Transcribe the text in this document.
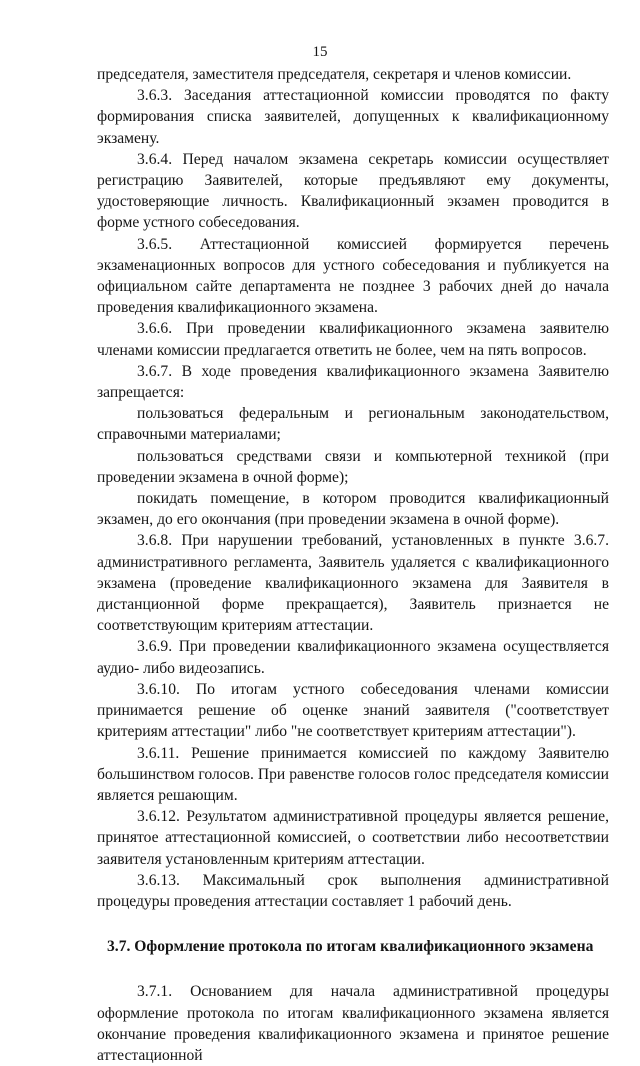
15

председателя, заместителя председателя, секретаря и членов комиссии.

3.6.3. Заседания аттестационной комиссии проводятся по факту формирования списка заявителей, допущенных к квалификационному экзамену.

3.6.4. Перед началом экзамена секретарь комиссии осуществляет регистрацию Заявителей, которые предъявляют ему документы, удостоверяющие личность. Квалификационный экзамен проводится в форме устного собеседования.

3.6.5. Аттестационной комиссией формируется перечень экзаменационных вопросов для устного собеседования и публикуется на официальном сайте департамента не позднее 3 рабочих дней до начала проведения квалификационного экзамена.

3.6.6. При проведении квалификационного экзамена заявителю членами комиссии предлагается ответить не более, чем на пять вопросов.

3.6.7. В ходе проведения квалификационного экзамена Заявителю запрещается:

пользоваться федеральным и региональным законодательством, справочными материалами;

пользоваться средствами связи и компьютерной техникой (при проведении экзамена в очной форме);

покидать помещение, в котором проводится квалификационный экзамен, до его окончания (при проведении экзамена в очной форме).

3.6.8. При нарушении требований, установленных в пункте 3.6.7. административного регламента, Заявитель удаляется с квалификационного экзамена (проведение квалификационного экзамена для Заявителя в дистанционной форме прекращается), Заявитель признается не соответствующим критериям аттестации.

3.6.9. При проведении квалификационного экзамена осуществляется аудио- либо видеозапись.

3.6.10. По итогам устного собеседования членами комиссии принимается решение об оценке знаний заявителя ("соответствует критериям аттестации" либо "не соответствует критериям аттестации").

3.6.11. Решение принимается комиссией по каждому Заявителю большинством голосов. При равенстве голосов голос председателя комиссии является решающим.

3.6.12. Результатом административной процедуры является решение, принятое аттестационной комиссией, о соответствии либо несоответствии заявителя установленным критериям аттестации.

3.6.13. Максимальный срок выполнения административной процедуры проведения аттестации составляет 1 рабочий день.

3.7. Оформление протокола по итогам квалификационного экзамена

3.7.1. Основанием для начала административной процедуры оформление протокола по итогам квалификационного экзамена является окончание проведения квалификационного экзамена и принятое решение аттестационной
